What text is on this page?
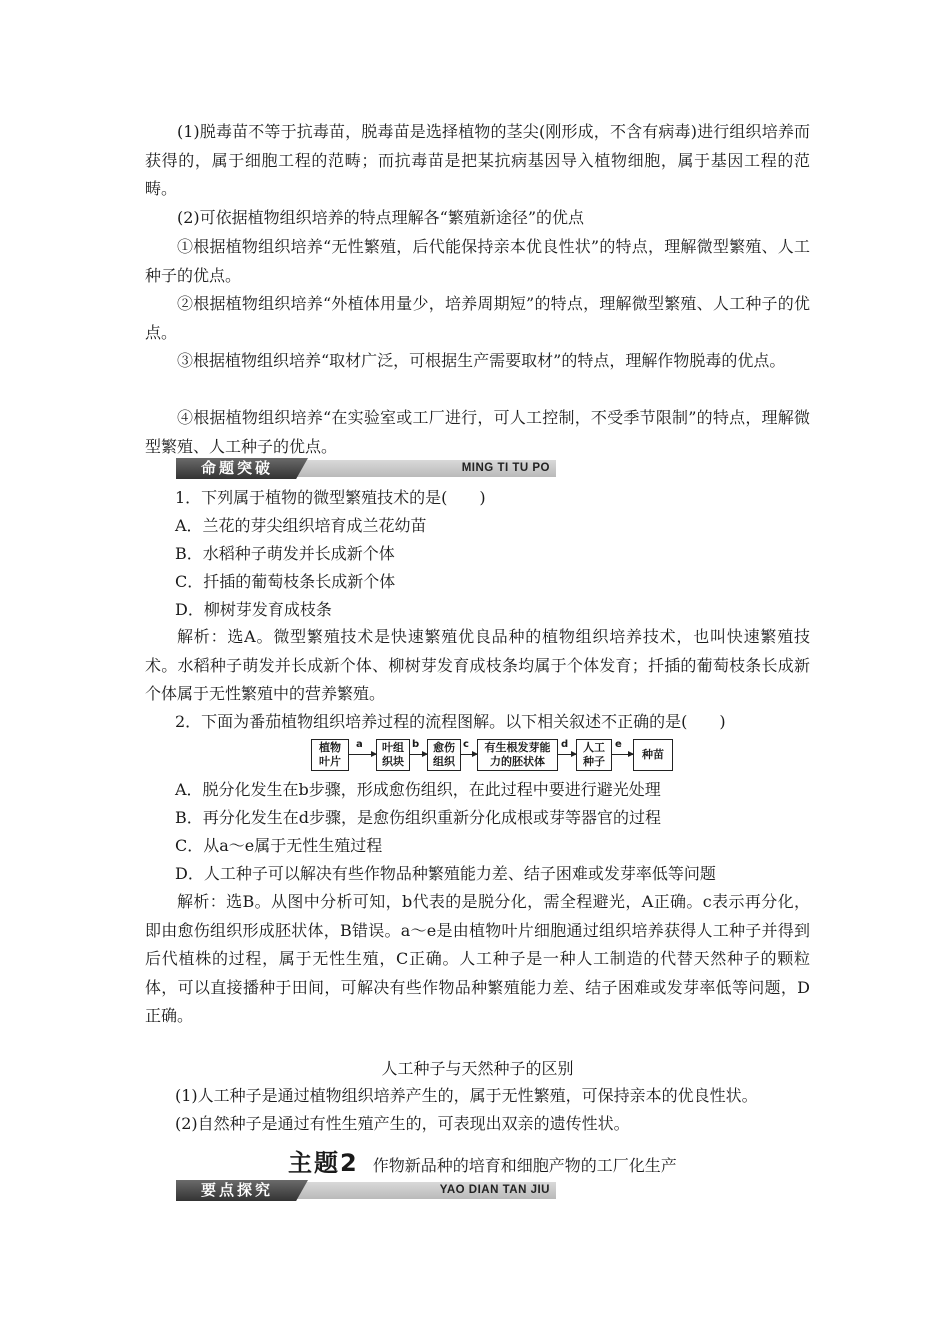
(1)脱毒苗不等于抗毒苗，脱毒苗是选择植物的茎尖(刚形成，不含有病毒)进行组织培养而获得的，属于细胞工程的范畴；而抗毒苗是把某抗病基因导入植物细胞，属于基因工程的范畴。

(2)可依据植物组织培养的特点理解各“繁殖新途径”的优点

①根据植物组织培养“无性繁殖，后代能保持亲本优良性状”的特点，理解微型繁殖、人工种子的优点。

②根据植物组织培养“外植体用量少，培养周期短”的特点，理解微型繁殖、人工种子的优点。

③根据植物组织培养“取材广泛，可根据生产需要取材”的特点，理解作物脱毒的优点。

④根据植物组织培养“在实验室或工厂进行，可人工控制，不受季节限制”的特点，理解微型繁殖、人工种子的优点。

命题突破	MING TI TU PO

1．下列属于植物的微型繁殖技术的是(　　)

A．兰花的芽尖组织培育成兰花幼苗

B．水稻种子萌发并长成新个体

C．扦插的葡萄枝条长成新个体

D．柳树芽发育成枝条

解析：选A。微型繁殖技术是快速繁殖优良品种的植物组织培养技术，也叫快速繁殖技术。水稻种子萌发并长成新个体、柳树芽发育成枝条均属于个体发育；扦插的葡萄枝条长成新个体属于无性繁殖中的营养繁殖。

2．下面为番茄植物组织培养过程的流程图解。以下相关叙述不正确的是(　　)

植物叶片
a	叶组织块
b	愈伤组织
c	有生根发芽能力的胚状体
d	人工种子
e
种苗

A．脱分化发生在b步骤，形成愈伤组织，在此过程中要进行避光处理

B．再分化发生在d步骤，是愈伤组织重新分化成根或芽等器官的过程

C．从a～e属于无性生殖过程

D．人工种子可以解决有些作物品种繁殖能力差、结子困难或发芽率低等问题

解析：选B。从图中分析可知，b代表的是脱分化，需全程避光，A正确。c表示再分化，即由愈伤组织形成胚状体，B错误。a～e是由植物叶片细胞通过组织培养获得人工种子并得到后代植株的过程，属于无性生殖，C正确。人工种子是一种人工制造的代替天然种子的颗粒体，可以直接播种于田间，可解决有些作物品种繁殖能力差、结子困难或发芽率低等问题，D正确。

人工种子与天然种子的区别

(1)人工种子是通过植物组织培养产生的，属于无性繁殖，可保持亲本的优良性状。

(2)自然种子是通过有性生殖产生的，可表现出双亲的遗传性状。

主题2 作物新品种的培育和细胞产物的工厂化生产
要点探究	YAO DIAN TAN JIU
